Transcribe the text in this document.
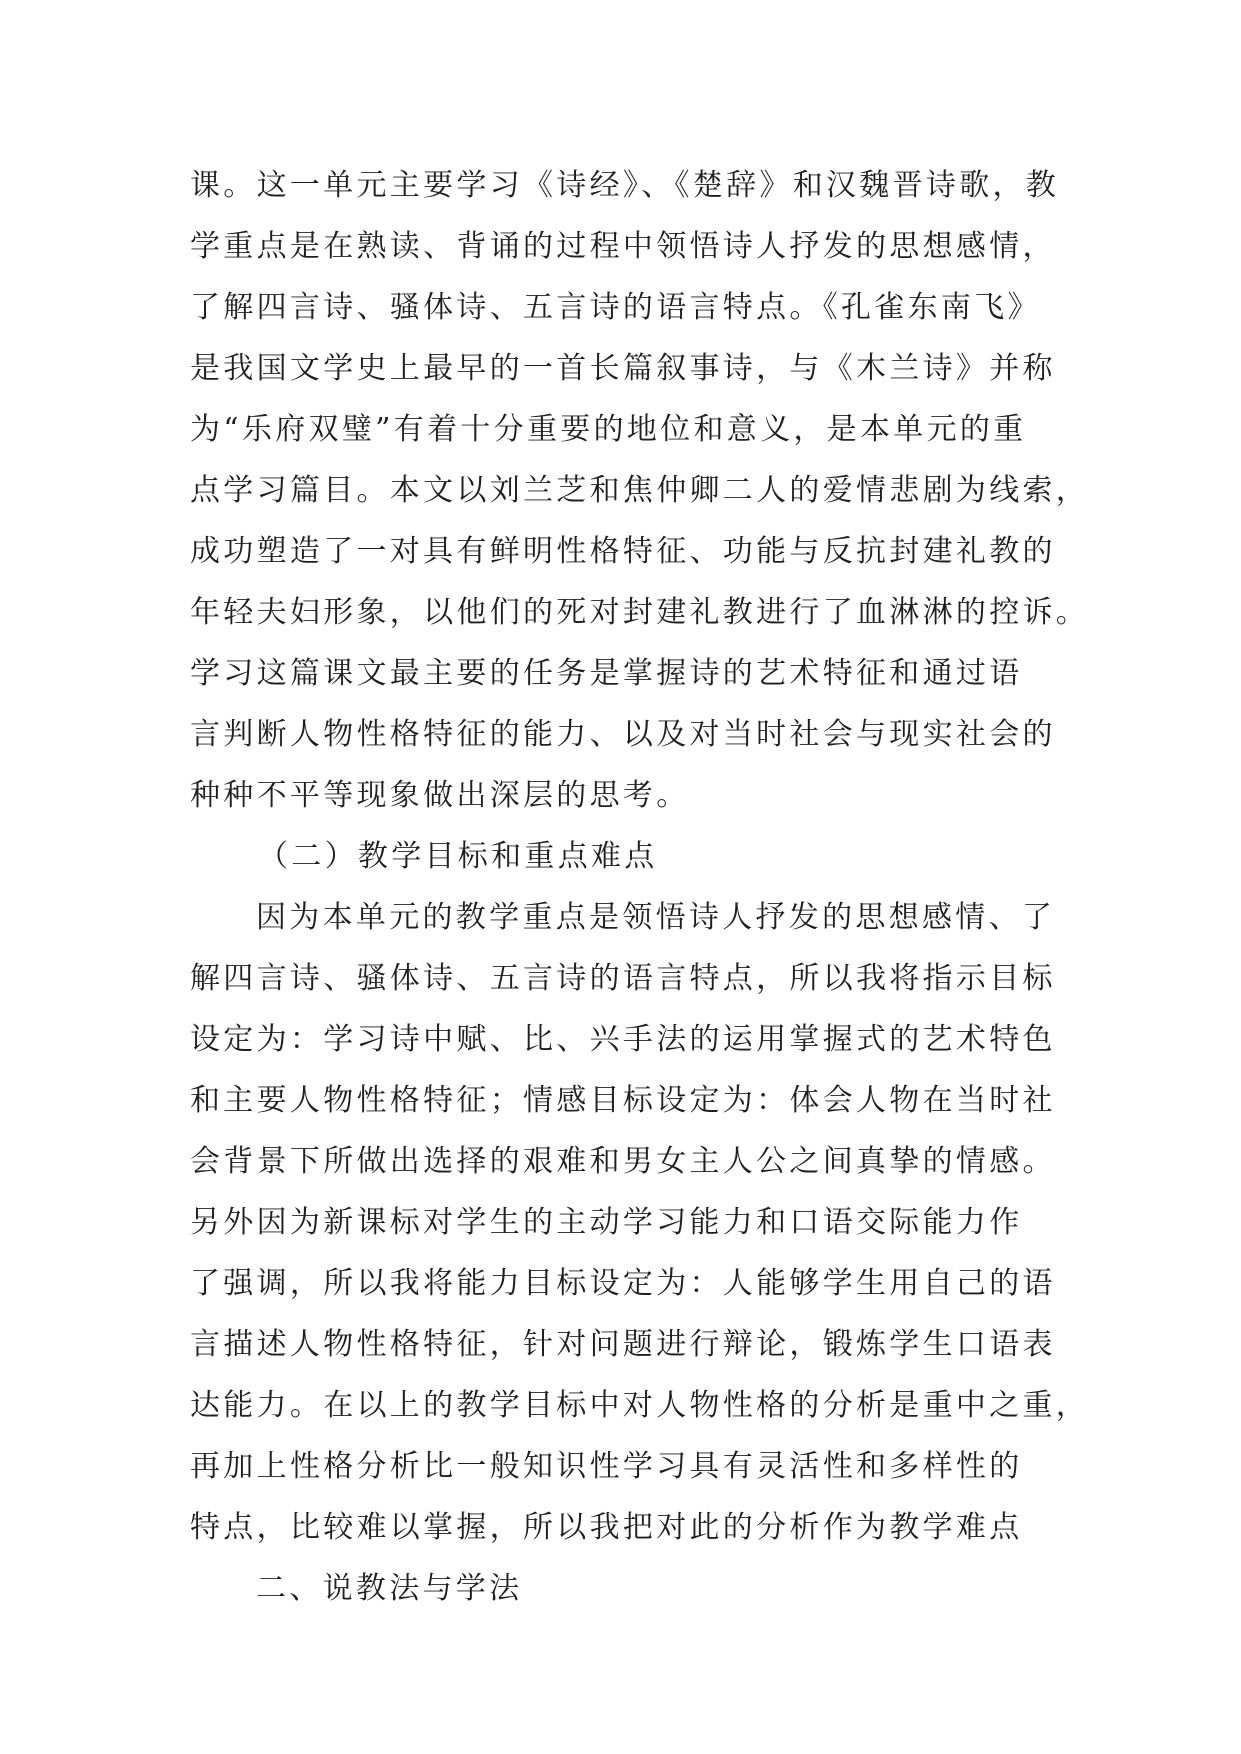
课。这一单元主要学习《诗经》、《楚辞》和汉魏晋诗歌，教
学重点是在熟读、背诵的过程中领悟诗人抒发的思想感情，
了解四言诗、骚体诗、五言诗的语言特点。《孔雀东南飞》
是我国文学史上最早的一首长篇叙事诗，与《木兰诗》并称
为“乐府双璧”有着十分重要的地位和意义，是本单元的重
点学习篇目。本文以刘兰芝和焦仲卿二人的爱情悲剧为线索，
成功塑造了一对具有鲜明性格特征、功能与反抗封建礼教的
年轻夫妇形象，以他们的死对封建礼教进行了血淋淋的控诉。
学习这篇课文最主要的任务是掌握诗的艺术特征和通过语
言判断人物性格特征的能力、以及对当时社会与现实社会的
种种不平等现象做出深层的思考。
（二）教学目标和重点难点
因为本单元的教学重点是领悟诗人抒发的思想感情、了
解四言诗、骚体诗、五言诗的语言特点，所以我将指示目标
设定为：学习诗中赋、比、兴手法的运用掌握式的艺术特色
和主要人物性格特征；情感目标设定为：体会人物在当时社
会背景下所做出选择的艰难和男女主人公之间真挚的情感。
另外因为新课标对学生的主动学习能力和口语交际能力作
了强调，所以我将能力目标设定为：人能够学生用自己的语
言描述人物性格特征，针对问题进行辩论，锻炼学生口语表
达能力。在以上的教学目标中对人物性格的分析是重中之重，
再加上性格分析比一般知识性学习具有灵活性和多样性的
特点，比较难以掌握，所以我把对此的分析作为教学难点
二、说教法与学法
